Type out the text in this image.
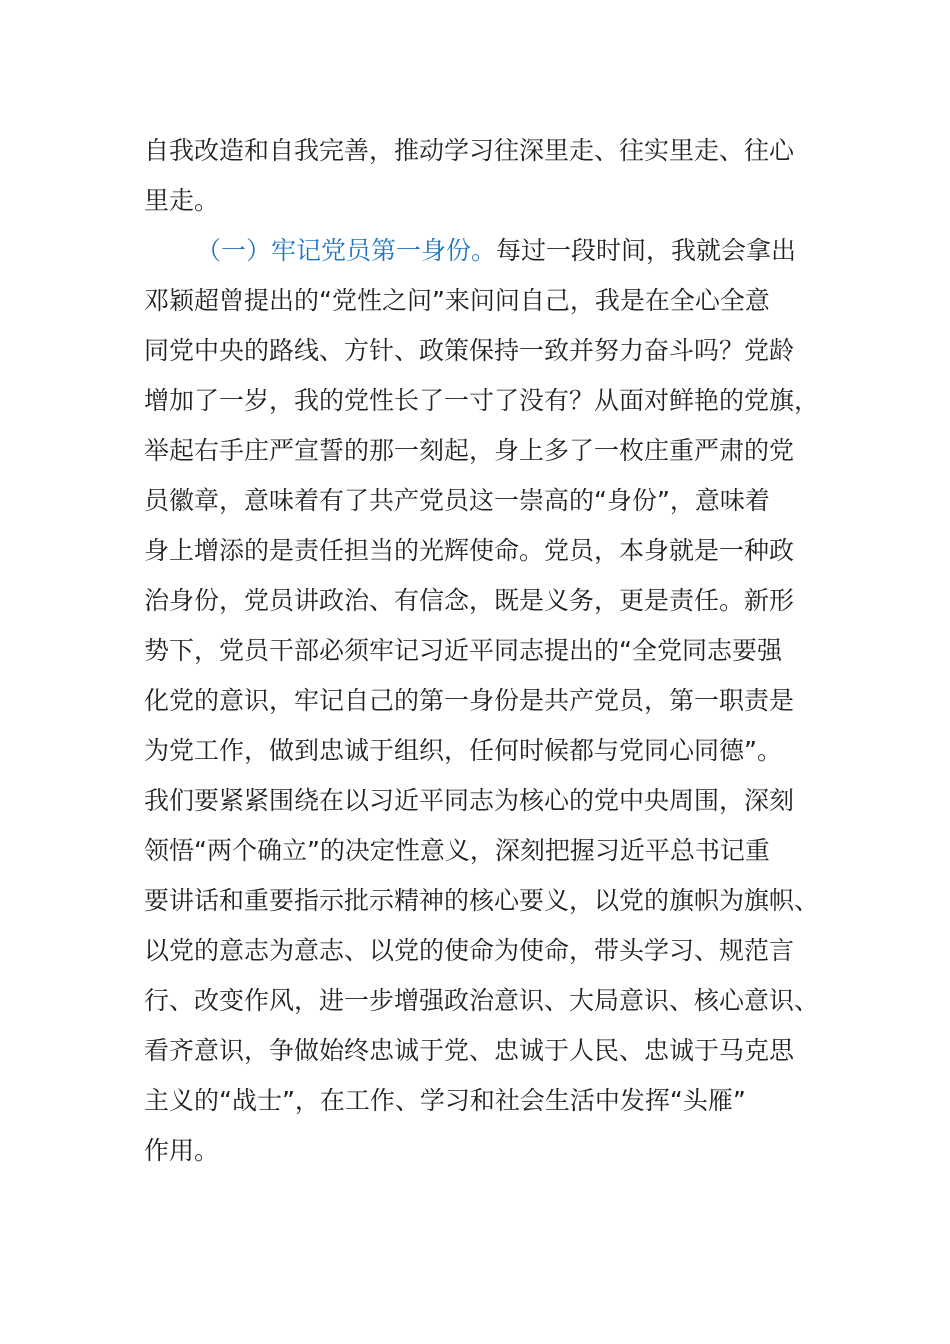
自我改造和自我完善，推动学习往深里走、往实里走、往心
里走。
（一）牢记党员第一身份。每过一段时间，我就会拿出
邓颖超曾提出的“党性之问”来问问自己，我是在全心全意
同党中央的路线、方针、政策保持一致并努力奋斗吗？党龄
增加了一岁，我的党性长了一寸了没有？从面对鲜艳的党旗，
举起右手庄严宣誓的那一刻起，身上多了一枚庄重严肃的党
员徽章，意味着有了共产党员这一崇高的“身份”，意味着
身上增添的是责任担当的光辉使命。党员，本身就是一种政
治身份，党员讲政治、有信念，既是义务，更是责任。新形
势下，党员干部必须牢记习近平同志提出的“全党同志要强
化党的意识，牢记自己的第一身份是共产党员，第一职责是
为党工作，做到忠诚于组织，任何时候都与党同心同德”。
我们要紧紧围绕在以习近平同志为核心的党中央周围，深刻
领悟“两个确立”的决定性意义，深刻把握习近平总书记重
要讲话和重要指示批示精神的核心要义，以党的旗帜为旗帜、
以党的意志为意志、以党的使命为使命，带头学习、规范言
行、改变作风，进一步增强政治意识、大局意识、核心意识、
看齐意识，争做始终忠诚于党、忠诚于人民、忠诚于马克思
主义的“战士”，在工作、学习和社会生活中发挥“头雁”
作用。
